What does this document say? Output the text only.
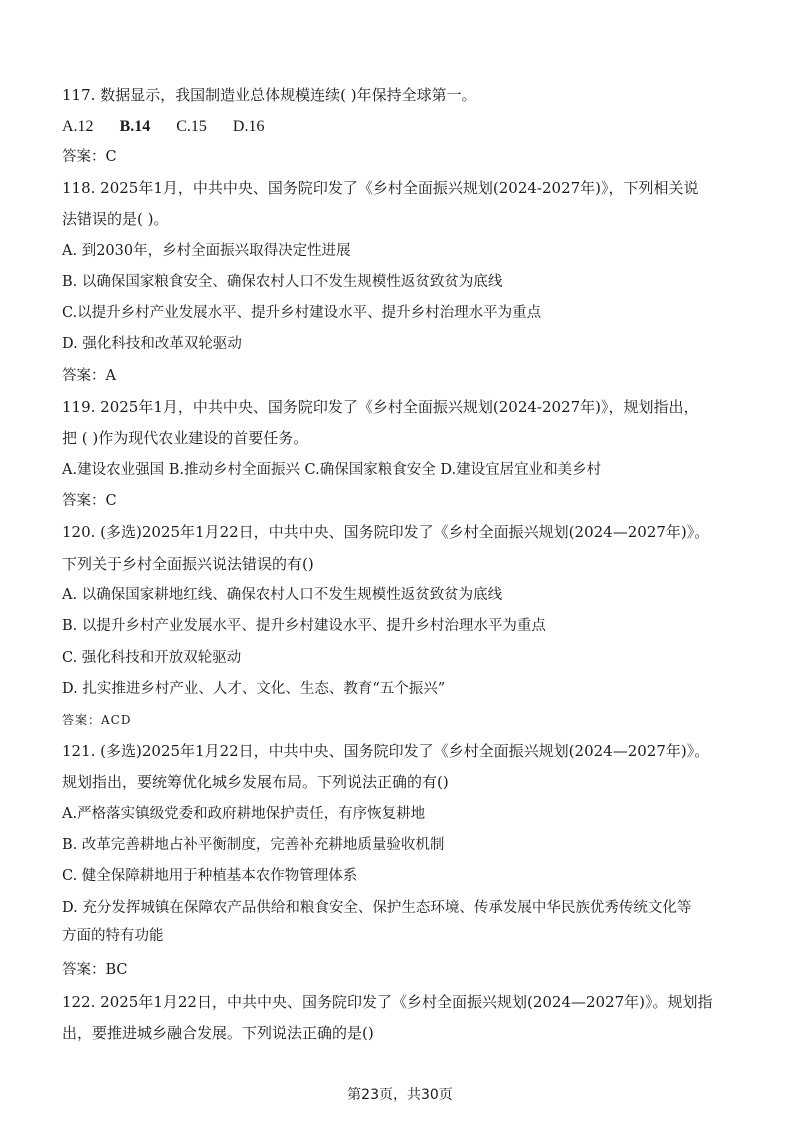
117. 数据显示，我国制造业总体规模连续( )年保持全球第一。
A.12 B.14 C.15 D.16
答案：C
118. 2025年1月，中共中央、国务院印发了《乡村全面振兴规划(2024-2027年)》，下列相关说
法错误的是( )。
A. 到2030年，乡村全面振兴取得决定性进展
B. 以确保国家粮食安全、确保农村人口不发生规模性返贫致贫为底线
C.以提升乡村产业发展水平、提升乡村建设水平、提升乡村治理水平为重点
D. 强化科技和改革双轮驱动
答案：A
119. 2025年1月，中共中央、国务院印发了《乡村全面振兴规划(2024-2027年)》，规划指出，
把 ( )作为现代农业建设的首要任务。
A.建设农业强国 B.推动乡村全面振兴 C.确保国家粮食安全 D.建设宜居宜业和美乡村
答案：C
120. (多选)2025年1月22日，中共中央、国务院印发了《乡村全面振兴规划(2024—2027年)》。
下列关于乡村全面振兴说法错误的有()
A. 以确保国家耕地红线、确保农村人口不发生规模性返贫致贫为底线
B. 以提升乡村产业发展水平、提升乡村建设水平、提升乡村治理水平为重点
C. 强化科技和开放双轮驱动
D. 扎实推进乡村产业、人才、文化、生态、教育“五个振兴”
答案：ACD
121. (多选)2025年1月22日，中共中央、国务院印发了《乡村全面振兴规划(2024—2027年)》。
规划指出，要统筹优化城乡发展布局。下列说法正确的有()
A.严格落实镇级党委和政府耕地保护责任，有序恢复耕地
B. 改革完善耕地占补平衡制度，完善补充耕地质量验收机制
C. 健全保障耕地用于种植基本农作物管理体系
D. 充分发挥城镇在保障农产品供给和粮食安全、保护生态环境、传承发展中华民族优秀传统文化等
方面的特有功能
答案：BC
122. 2025年1月22日，中共中央、国务院印发了《乡村全面振兴规划(2024—2027年)》。规划指
出，要推进城乡融合发展。下列说法正确的是()
第23页，共30页
